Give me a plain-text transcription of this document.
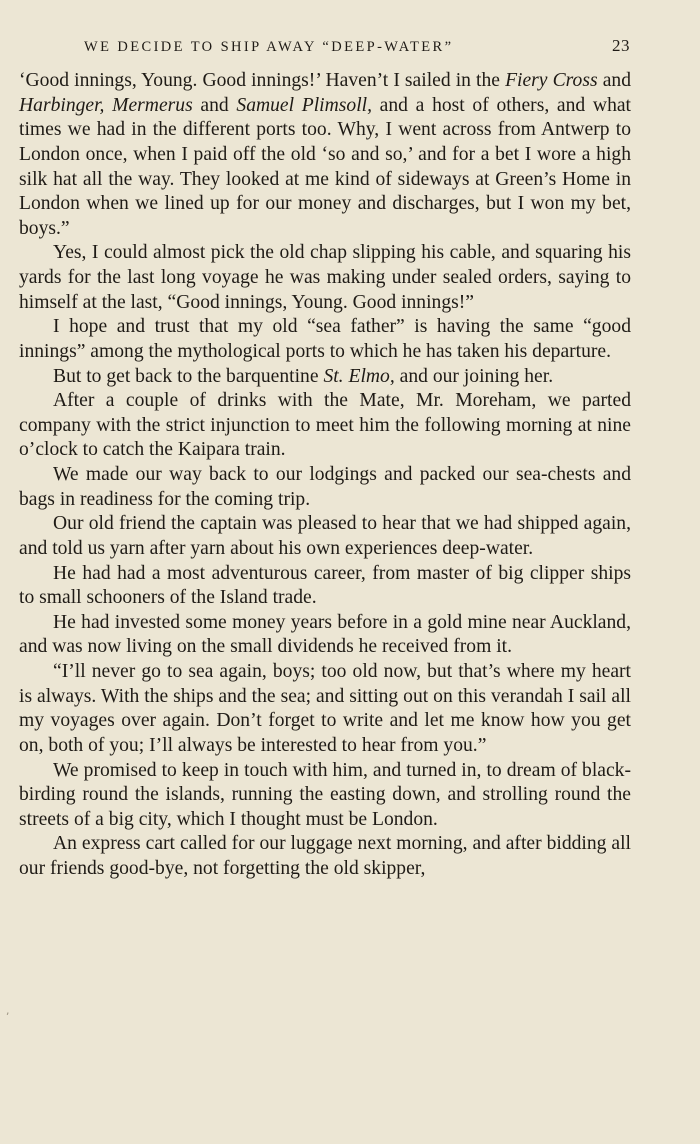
WE DECIDE TO SHIP AWAY “DEEP-WATER”	23

‘Good innings, Young. Good innings!’ Haven’t I sailed in the Fiery Cross and Harbinger, Mermerus and Samuel Plimsoll, and a host of others, and what times we had in the different ports too. Why, I went across from Antwerp to London once, when I paid off the old ‘so and so,’ and for a bet I wore a high silk hat all the way. They looked at me kind of sideways at Green’s Home in London when we lined up for our money and discharges, but I won my bet, boys.”

Yes, I could almost pick the old chap slipping his cable, and squaring his yards for the last long voyage he was making under sealed orders, saying to himself at the last, “Good innings, Young. Good innings!”

I hope and trust that my old “sea father” is having the same “good innings” among the mythological ports to which he has taken his departure.

But to get back to the barquentine St. Elmo, and our joining her.

After a couple of drinks with the Mate, Mr. Moreham, we parted company with the strict injunction to meet him the following morning at nine o’clock to catch the Kaipara train.

We made our way back to our lodgings and packed our sea-chests and bags in readiness for the coming trip.

Our old friend the captain was pleased to hear that we had shipped again, and told us yarn after yarn about his own experiences deep-water.

He had had a most adventurous career, from master of big clipper ships to small schooners of the Island trade.

He had invested some money years before in a gold mine near Auckland, and was now living on the small dividends he received from it.

“I’ll never go to sea again, boys; too old now, but that’s where my heart is always. With the ships and the sea; and sitting out on this verandah I sail all my voyages over again. Don’t forget to write and let me know how you get on, both of you; I’ll always be interested to hear from you.”

We promised to keep in touch with him, and turned in, to dream of black-birding round the islands, running the easting down, and strolling round the streets of a big city, which I thought must be London.

An express cart called for our luggage next morning, and after bidding all our friends good-bye, not forgetting the old skipper,

’
